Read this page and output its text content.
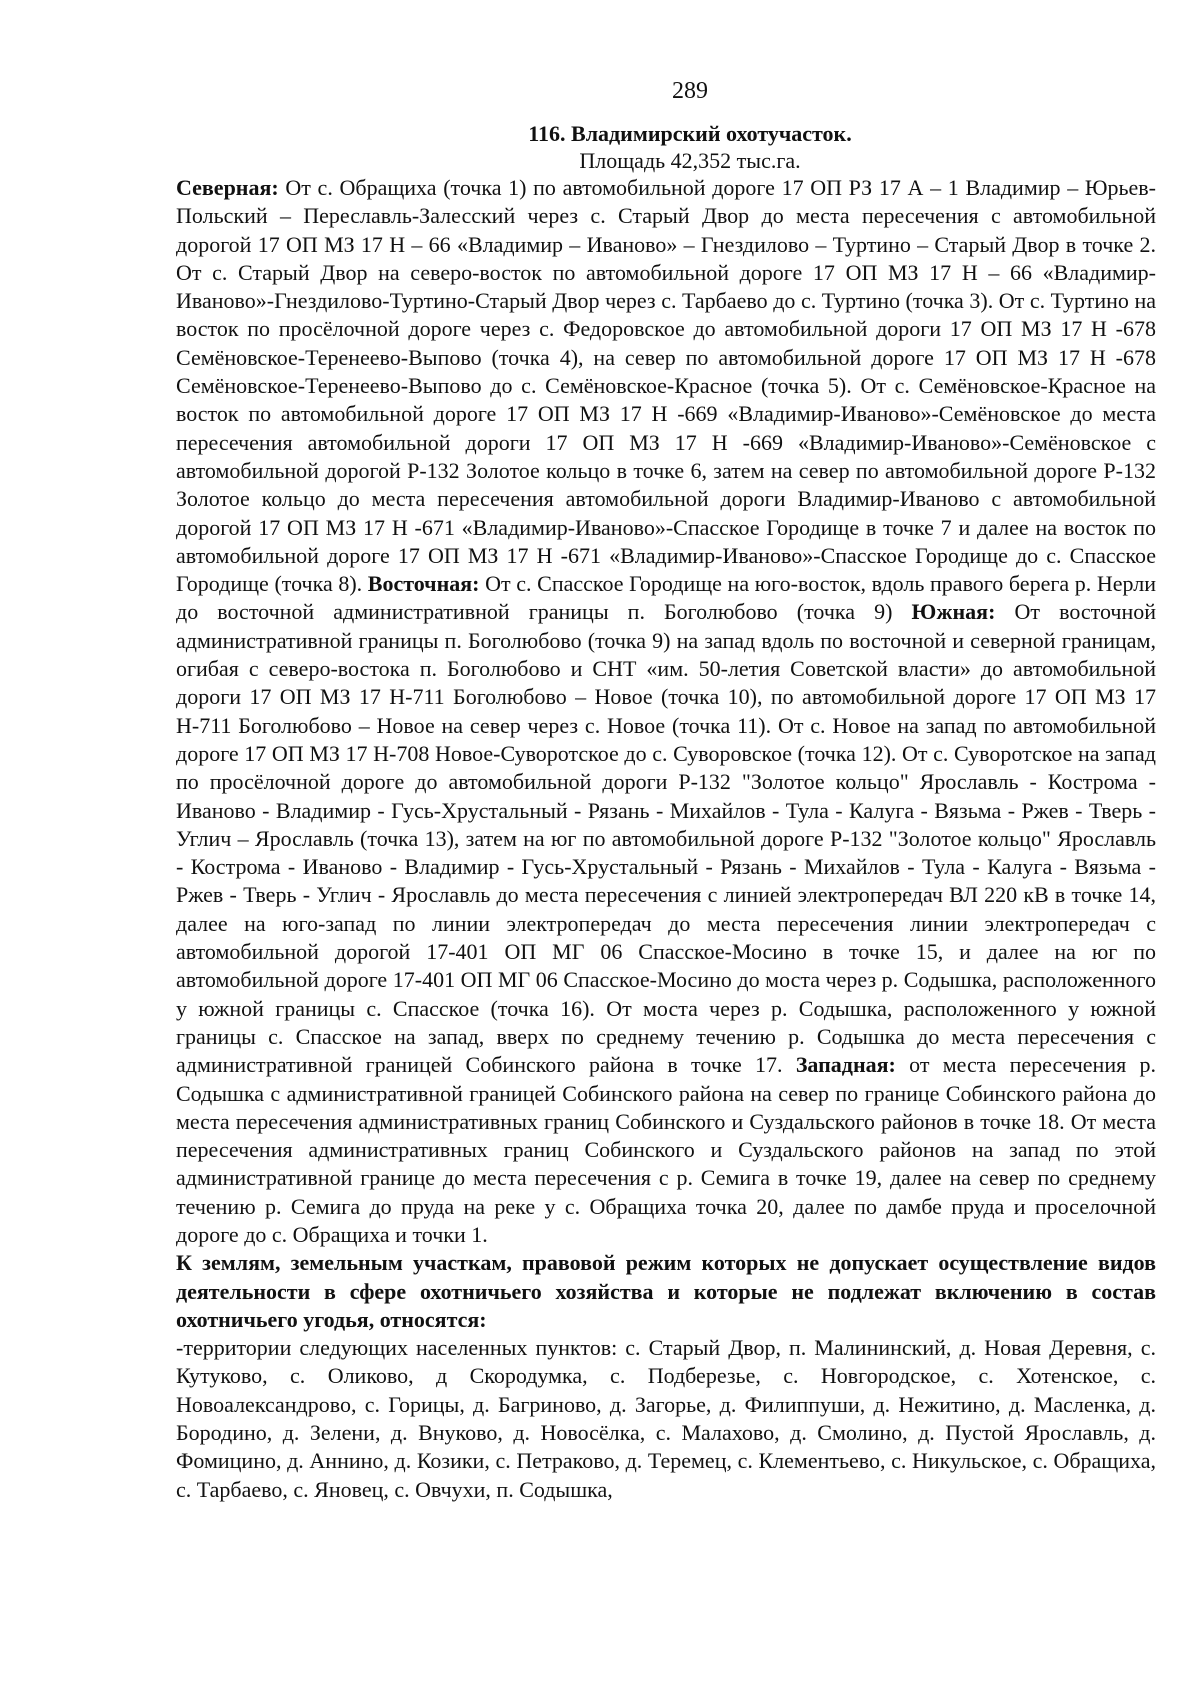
289
116. Владимирский охотучасток.
Площадь 42,352 тыс.га.
Северная: От с. Обращиха (точка 1) по автомобильной дороге 17 ОП РЗ 17 А – 1 Владимир – Юрьев-Польский – Переславль-Залесский через с. Старый Двор до места пересечения с автомобильной дорогой 17 ОП МЗ 17 Н – 66 «Владимир – Иваново» – Гнездилово – Туртино – Старый Двор в точке 2. От с. Старый Двор на северо-восток по автомобильной дороге 17 ОП МЗ 17 Н – 66 «Владимир-Иваново»-Гнездилово-Туртино-Старый Двор через с. Тарбаево до с. Туртино (точка 3). От с. Туртино на восток по просёлочной дороге через с. Федоровское до автомобильной дороги 17 ОП МЗ 17 Н -678 Семёновское-Теренеево-Выпово (точка 4), на север по автомобильной дороге 17 ОП МЗ 17 Н -678 Семёновское-Теренеево-Выпово до с. Семёновское-Красное (точка 5). От с. Семёновское-Красное на восток по автомобильной дороге 17 ОП МЗ 17 Н -669 «Владимир-Иваново»-Семёновское до места пересечения автомобильной дороги 17 ОП МЗ 17 Н -669 «Владимир-Иваново»-Семёновское с автомобильной дорогой Р-132 Золотое кольцо в точке 6, затем на север по автомобильной дороге Р-132 Золотое кольцо до места пересечения автомобильной дороги Владимир-Иваново с автомобильной дорогой 17 ОП МЗ 17 Н -671 «Владимир-Иваново»-Спасское Городище в точке 7 и далее на восток по автомобильной дороге 17 ОП МЗ 17 Н -671 «Владимир-Иваново»-Спасское Городище до с. Спасское Городище (точка 8). Восточная: От с. Спасское Городище на юго-восток, вдоль правого берега р. Нерли до восточной административной границы п. Боголюбово (точка 9) Южная: От восточной административной границы п. Боголюбово (точка 9) на запад вдоль по восточной и северной границам, огибая с северо-востока п. Боголюбово и СНТ «им. 50-летия Советской власти» до автомобильной дороги 17 ОП МЗ 17 Н-711 Боголюбово – Новое (точка 10), по автомобильной дороге 17 ОП МЗ 17 Н-711 Боголюбово – Новое на север через с. Новое (точка 11). От с. Новое на запад по автомобильной дороге 17 ОП МЗ 17 Н-708 Новое-Суворотское до с. Суворовское (точка 12). От с. Суворотское на запад по просёлочной дороге до автомобильной дороги Р-132 "Золотое кольцо" Ярославль - Кострома - Иваново - Владимир - Гусь-Хрустальный - Рязань - Михайлов - Тула - Калуга - Вязьма - Ржев - Тверь - Углич – Ярославль (точка 13), затем на юг по автомобильной дороге Р-132 "Золотое кольцо" Ярославль - Кострома - Иваново - Владимир - Гусь-Хрустальный - Рязань - Михайлов - Тула - Калуга - Вязьма - Ржев - Тверь - Углич - Ярославль до места пересечения с линией электропередач ВЛ 220 кВ в точке 14, далее на юго-запад по линии электропередач до места пересечения линии электропередач с автомобильной дорогой 17-401 ОП МГ 06 Спасское-Мосино в точке 15, и далее на юг по автомобильной дороге 17-401 ОП МГ 06 Спасское-Мосино до моста через р. Содышка, расположенного у южной границы с. Спасское (точка 16). От моста через р. Содышка, расположенного у южной границы с. Спасское на запад, вверх по среднему течению р. Содышка до места пересечения с административной границей Собинского района в точке 17. Западная: от места пересечения р. Содышка с административной границей Собинского района на север по границе Собинского района до места пересечения административных границ Собинского и Суздальского районов в точке 18. От места пересечения административных границ Собинского и Суздальского районов на запад по этой административной границе до места пересечения с р. Семига в точке 19, далее на север по среднему течению р. Семига до пруда на реке у с. Обращиха точка 20, далее по дамбе пруда и проселочной дороге до с. Обращиха и точки 1.
К землям, земельным участкам, правовой режим которых не допускает осуществление видов деятельности в сфере охотничьего хозяйства и которые не подлежат включению в состав охотничьего угодья, относятся:
-территории следующих населенных пунктов: с. Старый Двор, п. Малининский, д. Новая Деревня, с. Кутуково, с. Оликово, д Скородумка, с. Подберезье, с. Новгородское, с. Хотенское, с. Новоалександрово, с. Горицы, д. Багриново, д. Загорье, д. Филиппуши, д. Нежитино, д. Масленка, д. Бородино, д. Зелени, д. Внуково, д. Новосёлка, с. Малахово, д. Смолино, д. Пустой Ярославль, д. Фомицино, д. Аннино, д. Козики, с. Петраково, д. Теремец, с. Клементьево, с. Никульское, с. Обращиха, с. Тарбаево, с. Яновец, с. Овчухи, п. Содышка,
